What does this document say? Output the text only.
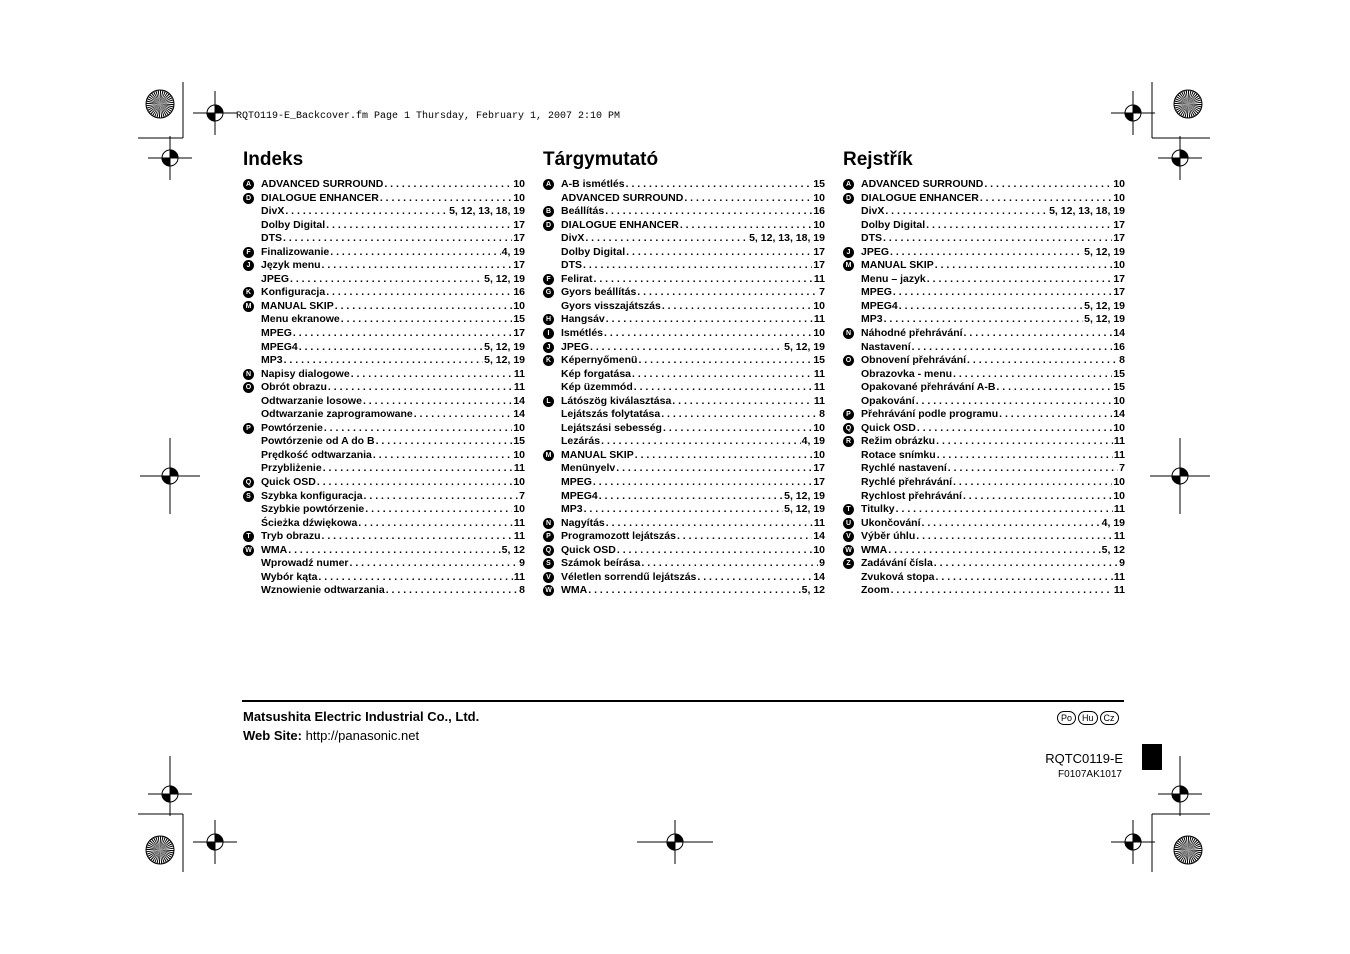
RQTO119-E_Backcover.fm Page 1 Thursday, February 1, 2007 2:10 PM
Indeks
A ADVANCED SURROUND . . .	10
D DIALOGUE ENHANCER . . .	10
DivX . . .	5, 12, 13, 18, 19
Dolby Digital . . .	17
DTS . . .	17
F Finalizowanie . . .	4, 19
J	Język menu . . .	17
JPEG . . .	5, 12, 19
K Konfiguracja . . .	16
M MANUAL SKIP . . .	10
Menu ekranowe . . .	15
MPEG . . .	17
MPEG4 . . .	5, 12, 19
MP3 . . .	5, 12, 19
N Napisy dialogowe . . .	11
O Obrót obrazu . . .	11
Odtwarzanie losowe . . .	14
Odtwarzanie zaprogramowane . . .	14
P Powtórzenie . . .	10
Powtórzenie od A do B . . .	15
Prędkość odtwarzania . . .	10
Przybliżenie . . .	11
Q Quick OSD . . .	10
S Szybka konfiguracja . . .	7
Szybkie powtórzenie . . .	10
Ścieżka dźwiękowa . . .	11
T Tryb obrazu . . .	11
W WMA . . .	5, 12
Wprowadź numer . . .	9
Wybór kąta . . .	11
Wznowienie odtwarzania . . .	8
Tárgymutató
A A-B ismétlés . . .	15
ADVANCED SURROUND . . .	10
B Beállítás . . .	16
D DIALOGUE ENHANCER . . .	10
DivX . . .	5, 12, 13, 18, 19
Dolby Digital . . .	17
DTS . . .	17
F Felirat . . .	11
G Gyors beállítás . . .	7
Gyors visszajátszás . . .	10
H Hangsáv . . .	11
I	Ismétlés . . .	10
J	JPEG . . .	5, 12, 19
K Képernyőmenü . . .	15
Kép forgatása . . .	11
Kép üzemmód . . .	11
L Látószög kiválasztása . . .	11
Lejátszás folytatása . . .	8
Lejátszási sebesség . . .	10
Lezárás . . .	4, 19
M MANUAL SKIP . . .	10
Menünyelv . . .	17
MPEG . . .	17
MPEG4 . . .	5, 12, 19
MP3 . . .	5, 12, 19
N Nagyítás . . .	11
P Programozott lejátszás . . .	14
Q Quick OSD . . .	10
S Számok beírása . . .	9
V Véletlen sorrendű lejátszás . . .	14
W WMA . . .	5, 12
Rejstřík
A ADVANCED SURROUND . . .	10
D DIALOGUE ENHANCER . . .	10
DivX . . .	5, 12, 13, 18, 19
Dolby Digital . . .	17
DTS . . .	17
J	JPEG . . .	5, 12, 19
M MANUAL SKIP . . .	10
Menu – jazyk . . .	17
MPEG . . .	17
MPEG4 . . .	5, 12, 19
MP3 . . .	5, 12, 19
N Náhodné přehrávání . . .	14
Nastavení . . .	16
O Obnovení přehrávání . . .	8
Obrazovka - menu . . .	15
Opakované přehrávání A-B . . .	15
Opakování . . .	10
P Přehrávání podle programu . . .	14
Q Quick OSD . . .	10
R Režim obrázku . . .	11
Rotace snímku . . .	11
Rychlé nastavení . . .	7
Rychlé přehrávání . . .	10
Rychlost přehrávání . . .	10
T Titulky . . .	11
U Ukončování . . .	4, 19
V Výběr úhlu . . .	11
W WMA . . .	5, 12
Z Zadávání čísla . . .	9
Zvuková stopa . . .	11
Zoom . . .	11
Matsushita Electric Industrial Co., Ltd.
Web Site: http://panasonic.net
Po	Hu	Cz
RQTC0119-E
F0107AK1017
